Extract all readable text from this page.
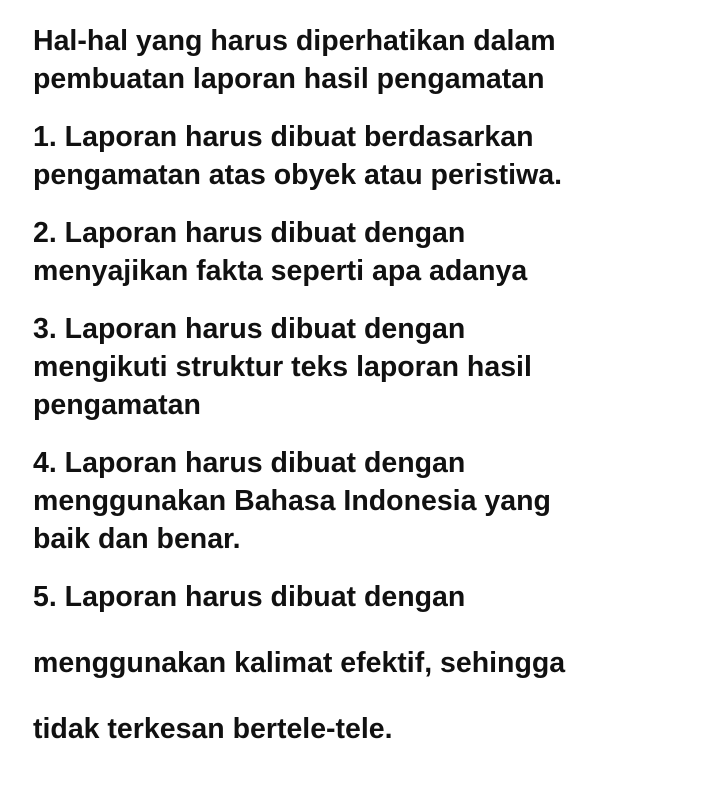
Hal-hal yang harus diperhatikan dalam
pembuatan laporan hasil pengamatan

1. Laporan harus dibuat berdasarkan
pengamatan atas obyek atau peristiwa.

2. Laporan harus dibuat dengan
menyajikan fakta seperti apa adanya

3. Laporan harus dibuat dengan
mengikuti struktur teks laporan hasil
pengamatan

4. Laporan harus dibuat dengan
menggunakan Bahasa Indonesia yang
baik dan benar.

5. Laporan harus dibuat dengan
menggunakan kalimat efektif, sehingga
tidak terkesan bertele-tele.
